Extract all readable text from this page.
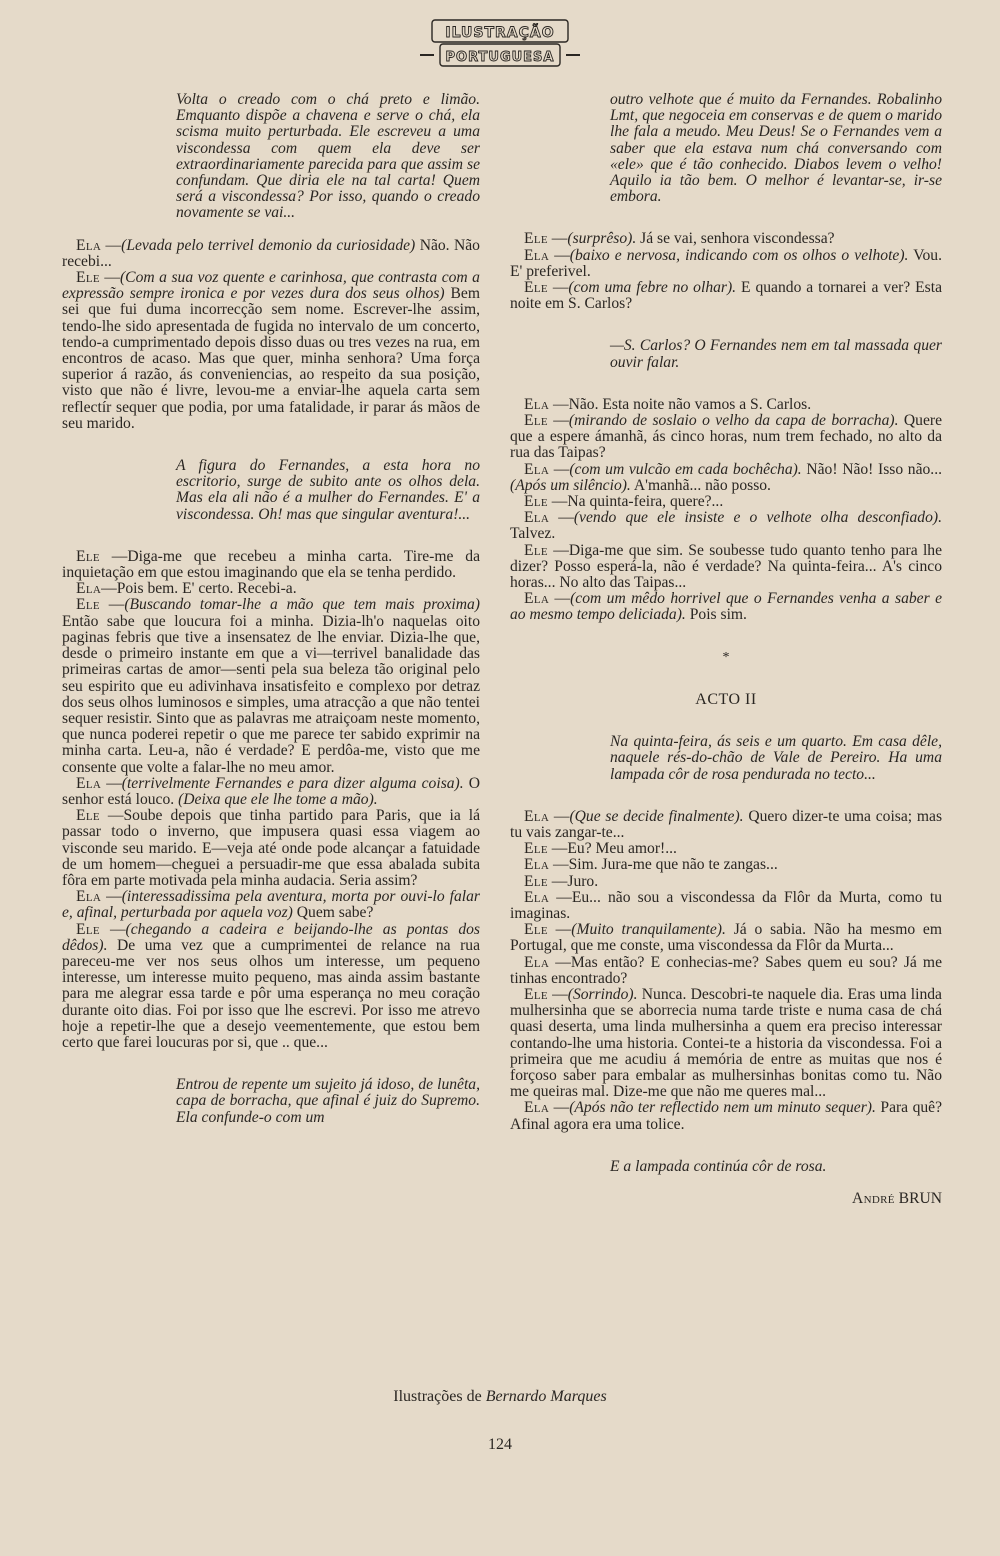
ILUSTRAÇÃO
PORTUGUESA

Volta o creado com o chá preto e limão. Emquanto dispõe a chavena e serve o chá, ela scisma muito perturbada. Ele escreveu a uma viscondessa com quem ela deve ser extraordinariamente parecida para que assim se confundam. Que diria ele na tal carta! Quem será a viscondessa? Por isso, quando o creado novamente se vai...

Ela —(Levada pelo terrivel demonio da curiosidade) Não. Não recebi...

Ele —(Com a sua voz quente e carinhosa, que contrasta com a expressão sempre ironica e por vezes dura dos seus olhos) Bem sei que fui duma incorrecção sem nome. Escrever-lhe assim, tendo-lhe sido apresentada de fugida no intervalo de um concerto, tendo-a cumprimentado depois disso duas ou tres vezes na rua, em encontros de acaso. Mas que quer, minha senhora? Uma força superior á razão, ás conveniencias, ao respeito da sua posição, visto que não é livre, levou-me a enviar-lhe aquela carta sem reflectír sequer que podia, por uma fatalidade, ir parar ás mãos de seu marido.

A figura do Fernandes, a esta hora no escritorio, surge de subito ante os olhos dela. Mas ela ali não é a mulher do Fernandes. E' a viscondessa. Oh! mas que singular aventura!...

Ele —Diga-me que recebeu a minha carta. Tire-me da inquietação em que estou imaginando que ela se tenha perdido.

Ela—Pois bem. E' certo. Recebi-a.

Ele —(Buscando tomar-lhe a mão que tem mais proxima) Então sabe que loucura foi a minha. Dizia-lh'o naquelas oito paginas febris que tive a insensatez de lhe enviar. Dizia-lhe que, desde o primeiro instante em que a vi—terrivel banalidade das primeiras cartas de amor—senti pela sua beleza tão original pelo seu espirito que eu adivinhava insatisfeito e complexo por detraz dos seus olhos luminosos e simples, uma atracção a que não tentei sequer resistir. Sinto que as palavras me atraiçoam neste momento, que nunca poderei repetir o que me parece ter sabido exprimir na minha carta. Leu-a, não é verdade? E perdôa-me, visto que me consente que volte a falar-lhe no meu amor.

Ela —(terrivelmente Fernandes e para dizer alguma coisa). O senhor está louco. (Deixa que ele lhe tome a mão).

Ele —Soube depois que tinha partido para Paris, que ia lá passar todo o inverno, que impusera quasi essa viagem ao visconde seu marido. E—veja até onde pode alcançar a fatuidade de um homem—cheguei a persuadir-me que essa abalada subita fôra em parte motivada pela minha audacia. Seria assim?

Ela —(interessadissima pela aventura, morta por ouvi-lo falar e, afinal, perturbada por aquela voz) Quem sabe?

Ele —(chegando a cadeira e beijando-lhe as pontas dos dêdos). De uma vez que a cumprimentei de relance na rua pareceu-me ver nos seus olhos um interesse, um pequeno interesse, um interesse muito pequeno, mas ainda assim bastante para me alegrar essa tarde e pôr uma esperança no meu coração durante oito dias. Foi por isso que lhe escrevi. Por isso me atrevo hoje a repetir-lhe que a desejo veementemente, que estou bem certo que farei loucuras por si, que .. que...

Entrou de repente um sujeito já idoso, de lunêta, capa de borracha, que afinal é juiz do Supremo. Ela confunde-o com um

outro velhote que é muito da Fernandes. Robalinho Lmt, que negoceia em conservas e de quem o marido lhe fala a meudo. Meu Deus! Se o Fernandes vem a saber que ela estava num chá conversando com «ele» que é tão conhecido. Diabos levem o velho! Aquilo ia tão bem. O melhor é levantar-se, ir-se embora.

Ele —(surprêso). Já se vai, senhora viscondessa?

Ela —(baixo e nervosa, indicando com os olhos o velhote). Vou. E' preferivel.

Ele —(com uma febre no olhar). E quando a tornarei a ver? Esta noite em S. Carlos?

—S. Carlos? O Fernandes nem em tal massada quer ouvir falar.

Ela —Não. Esta noite não vamos a S. Carlos.

Ele —(mirando de soslaio o velho da capa de borracha). Quere que a espere ámanhã, ás cinco horas, num trem fechado, no alto da rua das Taipas?

Ela —(com um vulcão em cada bochêcha). Não! Não! Isso não... (Após um silêncio). A'manhã... não posso.

Ele —Na quinta-feira, quere?...

Ela —(vendo que ele insiste e o velhote olha desconfiado). Talvez.

Ele —Diga-me que sim. Se soubesse tudo quanto tenho para lhe dizer? Posso esperá-la, não é verdade? Na quinta-feira... A's cinco horas... No alto das Taipas...

Ela —(com um mêdo horrivel que o Fernandes venha a saber e ao mesmo tempo deliciada). Pois sim.

*

ACTO II

Na quinta-feira, ás seis e um quarto. Em casa dêle, naquele rés-do-chão de Vale de Pereiro. Ha uma lampada côr de rosa pendurada no tecto...

Ela —(Que se decide finalmente). Quero dizer-te uma coisa; mas tu vais zangar-te...

Ele —Eu? Meu amor!...

Ela —Sim. Jura-me que não te zangas...

Ele —Juro.

Ela —Eu... não sou a viscondessa da Flôr da Murta, como tu imaginas.

Ele —(Muito tranquilamente). Já o sabia. Não ha mesmo em Portugal, que me conste, uma viscondessa da Flôr da Murta...

Ela —Mas então? E conhecias-me? Sabes quem eu sou? Já me tinhas encontrado?

Ele —(Sorrindo). Nunca. Descobri-te naquele dia. Eras uma linda mulhersinha que se aborrecia numa tarde triste e numa casa de chá quasi deserta, uma linda mulhersinha a quem era preciso interessar contando-lhe uma historia. Contei-te a historia da viscondessa. Foi a primeira que me acudiu á memória de entre as muitas que nos é forçoso saber para embalar as mulhersinhas bonitas como tu. Não me queiras mal. Dize-me que não me queres mal...

Ela —(Após não ter reflectido nem um minuto sequer). Para quê? Afinal agora era uma tolice.

E a lampada continúa côr de rosa.

André BRUN

Ilustrações de Bernardo Marques
124
